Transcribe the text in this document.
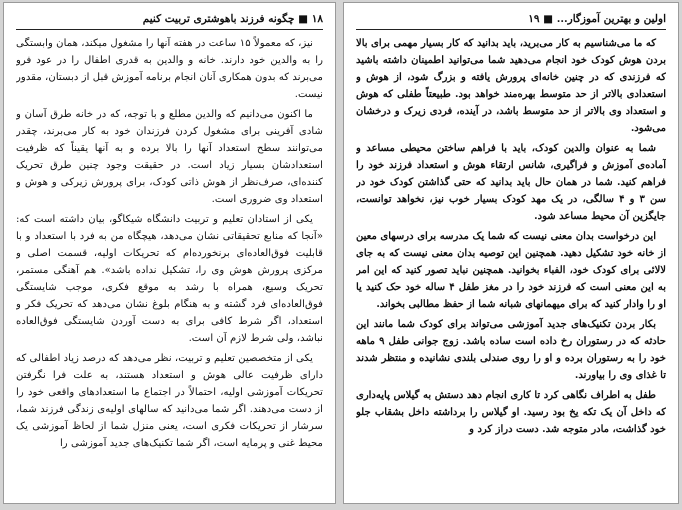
۱۸ ■ چگونه فرزند باهوشتری تربیت کنیم

نیز، که معمولاً ۱۵ ساعت در هفته آنها را مشغول میکند، همان وابستگی را به والدین خود دارند. خانه و والدین به قدری اطفال را در عود فرو می‌برند که بدون همکاری آنان انجام برنامه آموزش قبل از دبستان، مقدور نیست.

ما اکنون می‌دانیم که والدین مطلع و با توجه، که در خانه طرق آسان و شادی آفرینی برای مشغول کردن فرزندان خود به کار می‌برند، چقدر می‌توانند سطح استعداد آنها را بالا برده و به آنها یقیناً که ظرفیت استعدادشان بسیار زیاد است. در حقیقت وجود چنین طرق تحریک کننده‌ای، صرف‌نظر از هوش ذاتی کودک، برای پرورش زیرکی و هوش و استعداد وی ضروری است.

یکی از استادان تعلیم و تربیت دانشگاه شیکاگو، بیان داشته است که: «آنجا که منابع تحقیقاتی نشان می‌دهد، هیچگاه من به فرد با استعداد و با قابلیت فوق‌العاده‌ای برنخورده‌ام که تحریکات اولیه، قسمت اصلی و مرکزی پرورش هوش وی را، تشکیل نداده باشد». هم آهنگی مستمر، تحریک وسیع، همراه با رشد به موقع فکری، موجب شایستگی فوق‌العاده‌ای فرد گشته و به هنگام بلوغ نشان می‌دهد که تحریک فکر و استعداد، اگر شرط کافی برای به دست آوردن شایستگی فوق‌العاده نباشد، ولی شرط لازم آن است.

یکی از متخصصین تعلیم و تربیت، نظر می‌دهد که درصد زیاد اطفالی که دارای ظرفیت عالی هوش و استعداد هستند، به علت فرا نگرفتن تحریکات آموزشی اولیه، احتمالاً در اجتماع ما استعدادهای واقعی خود را از دست می‌دهند. اگر شما می‌دانید که سالهای اولیه‌ی زندگی فرزند شما، سرشار از تحریکات فکری است، یعنی منزل شما از لحاظ آموزشی یک محیط غنی و پرمایه است، اگر شما تکنیک‌های جدید آموزشی را

اولین و بهترین آموزگار... ■ ۱۹

که ما می‌شناسیم به کار می‌برید، باید بدانید که کار بسیار مهمی برای بالا بردن هوش کودک خود انجام می‌دهید شما می‌توانید اطمینان داشته باشید که فرزندی که در چنین خانه‌ای پرورش یافته و بزرگ شود، از هوش و استعدادی بالاتر از حد متوسط بهره‌مند خواهد بود. طبیعتاً طفلی که هوش و استعداد وی بالاتر از حد متوسط باشد، در آینده، فردی زیرک و درخشان می‌شود.

شما به عنوان والدین کودک، باید با فراهم ساختن محیطی مساعد و آماده‌ی آموزش و فراگیری، شانس ارتقاء هوش و استعداد فرزند خود را فراهم کنید. شما در همان حال باید بدانید که حتی گذاشتن کودک خود در سن ۳ و ۴ سالگی، در یک مهد کودک بسیار خوب نیز، نخواهد توانست، جایگزین آن محیط مساعد شود.

این درخواست بدان معنی نیست که شما یک مدرسه برای درسهای معین از خانه خود تشکیل دهید. همچنین این توصیه بدان معنی نیست که به جای لالائی برای کودک خود، الفباء بخوانید. همچنین نباید تصور کنید که این امر به این معنی است که فرزند خود را در مغز طفل ۴ ساله خود حک کنید یا او را وادار کنید که برای میهمانهای شبانه شما از حفظ مطالبی بخواند.

بکار بردن تکنیک‌های جدید آموزشی می‌تواند برای کودک شما مانند این حادثه که در رستوران رخ داده است ساده باشد. زوج جوانی طفل ۹ ماهه خود را به رستوران برده و او را روی صندلی بلندی نشانیده و منتظر شدند تا غذای وی را بیاورند.

طفل به اطراف نگاهی کرد تا کاری انجام دهد دستش به گیلاس پایه‌داری که داخل آن یک تکه یخ بود رسید. او گیلاس را برداشته داخل بشقاب جلو خود گذاشت، مادر متوجه شد. دست دراز کرد و
